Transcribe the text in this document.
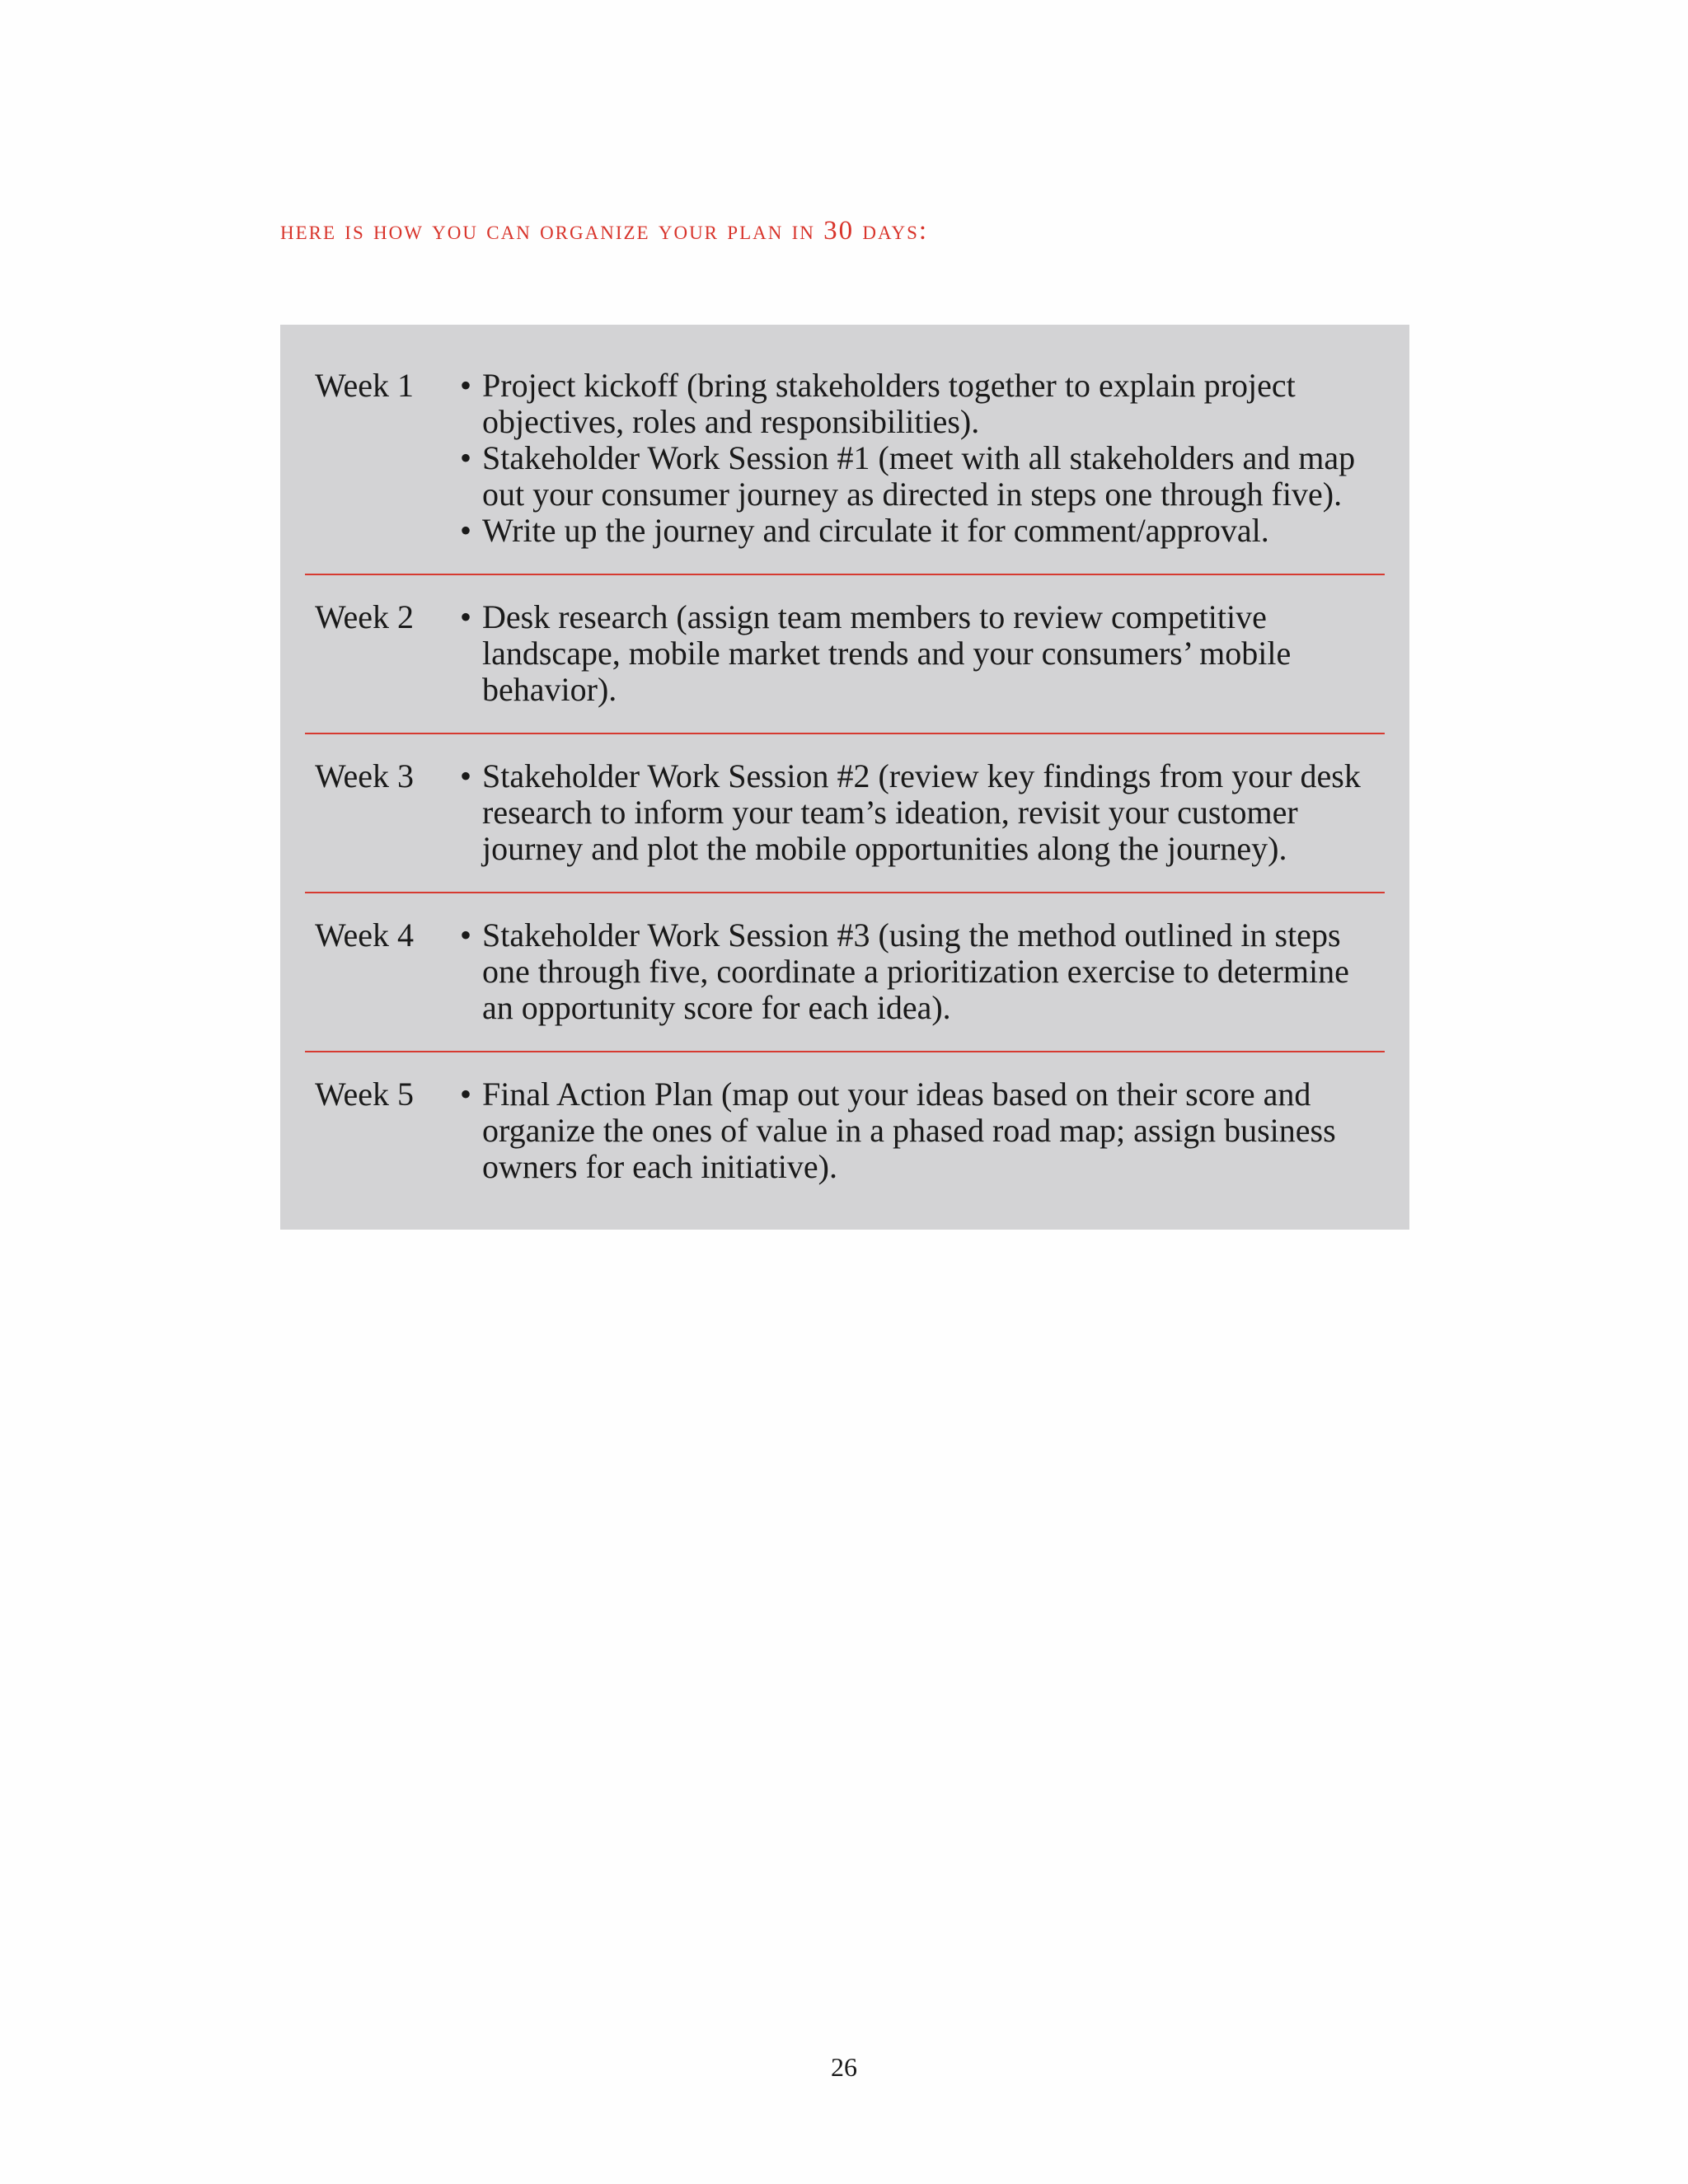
here is how you can organize your plan in 30 days:
Week 1	• Project kickoff (bring stakeholders together to explain project objectives, roles and responsibilities).
• Stakeholder Work Session #1 (meet with all stakeholders and map out your consumer journey as directed in steps one through five).
• Write up the journey and circulate it for comment/approval.
Week 2	• Desk research (assign team members to review competitive landscape, mobile market trends and your consumers’ mobile behavior).
Week 3	• Stakeholder Work Session #2 (review key findings from your desk research to inform your team’s ideation, revisit your customer journey and plot the mobile opportunities along the journey).
Week 4	• Stakeholder Work Session #3 (using the method outlined in steps one through five, coordinate a prioritization exercise to determine an opportunity score for each idea).
Week 5	• Final Action Plan (map out your ideas based on their score and organize the ones of value in a phased road map; assign business owners for each initiative).
26
